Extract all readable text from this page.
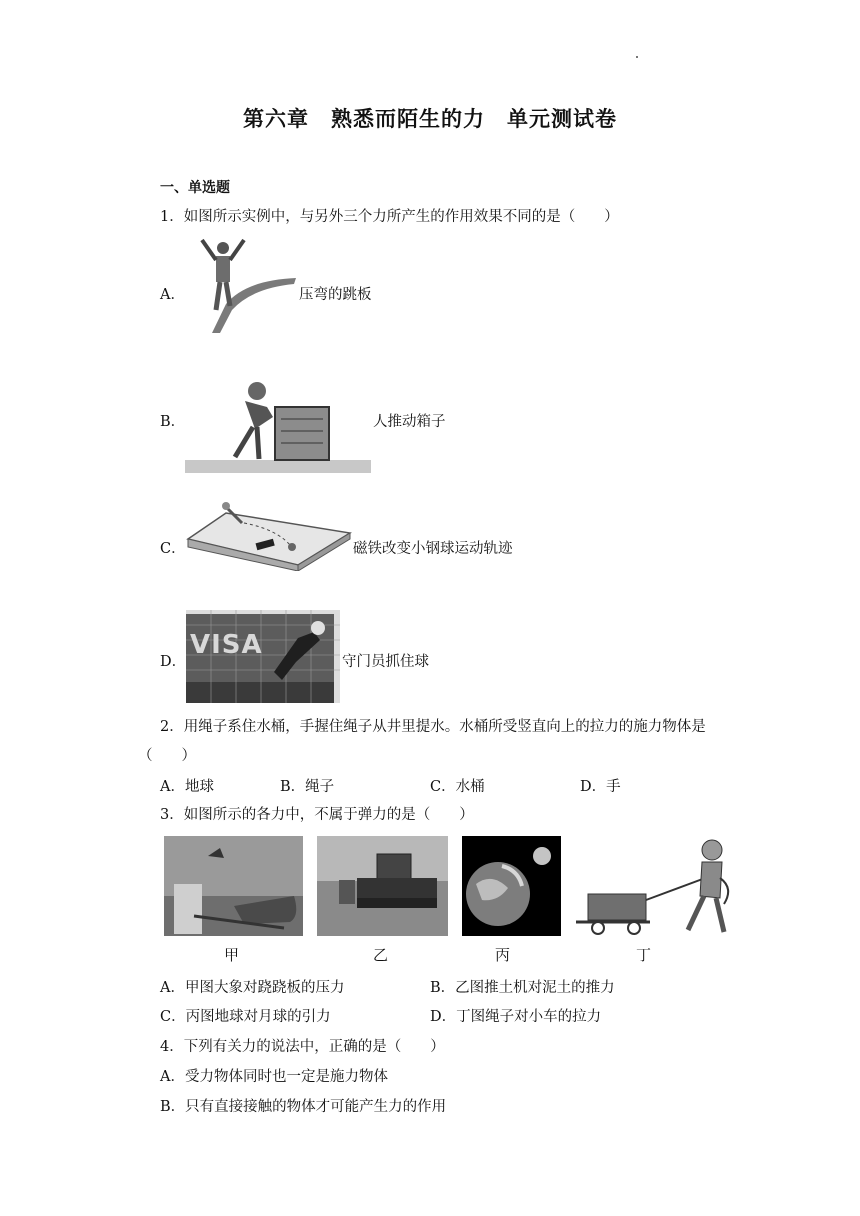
第六章　熟悉而陌生的力　单元测试卷
一、单选题
1．如图所示实例中，与另外三个力所产生的作用效果不同的是（　　）
A．	压弯的跳板
B．	人推动箱子
C．	磁铁改变小钢球运动轨迹
D．
VISA
守门员抓住球
2．用绳子系住水桶，手握住绳子从井里提水。水桶所受竖直向上的拉力的施力物体是
（　　）
A．地球	B．绳子	C．水桶	D．手
3．如图所示的各力中，不属于弹力的是（　　）
甲	乙	丙	丁
A．甲图大象对跷跷板的压力	B．乙图推土机对泥土的推力
C．丙图地球对月球的引力	D．丁图绳子对小车的拉力
4．下列有关力的说法中，正确的是（　　）
A．受力物体同时也一定是施力物体
B．只有直接接触的物体才可能产生力的作用
